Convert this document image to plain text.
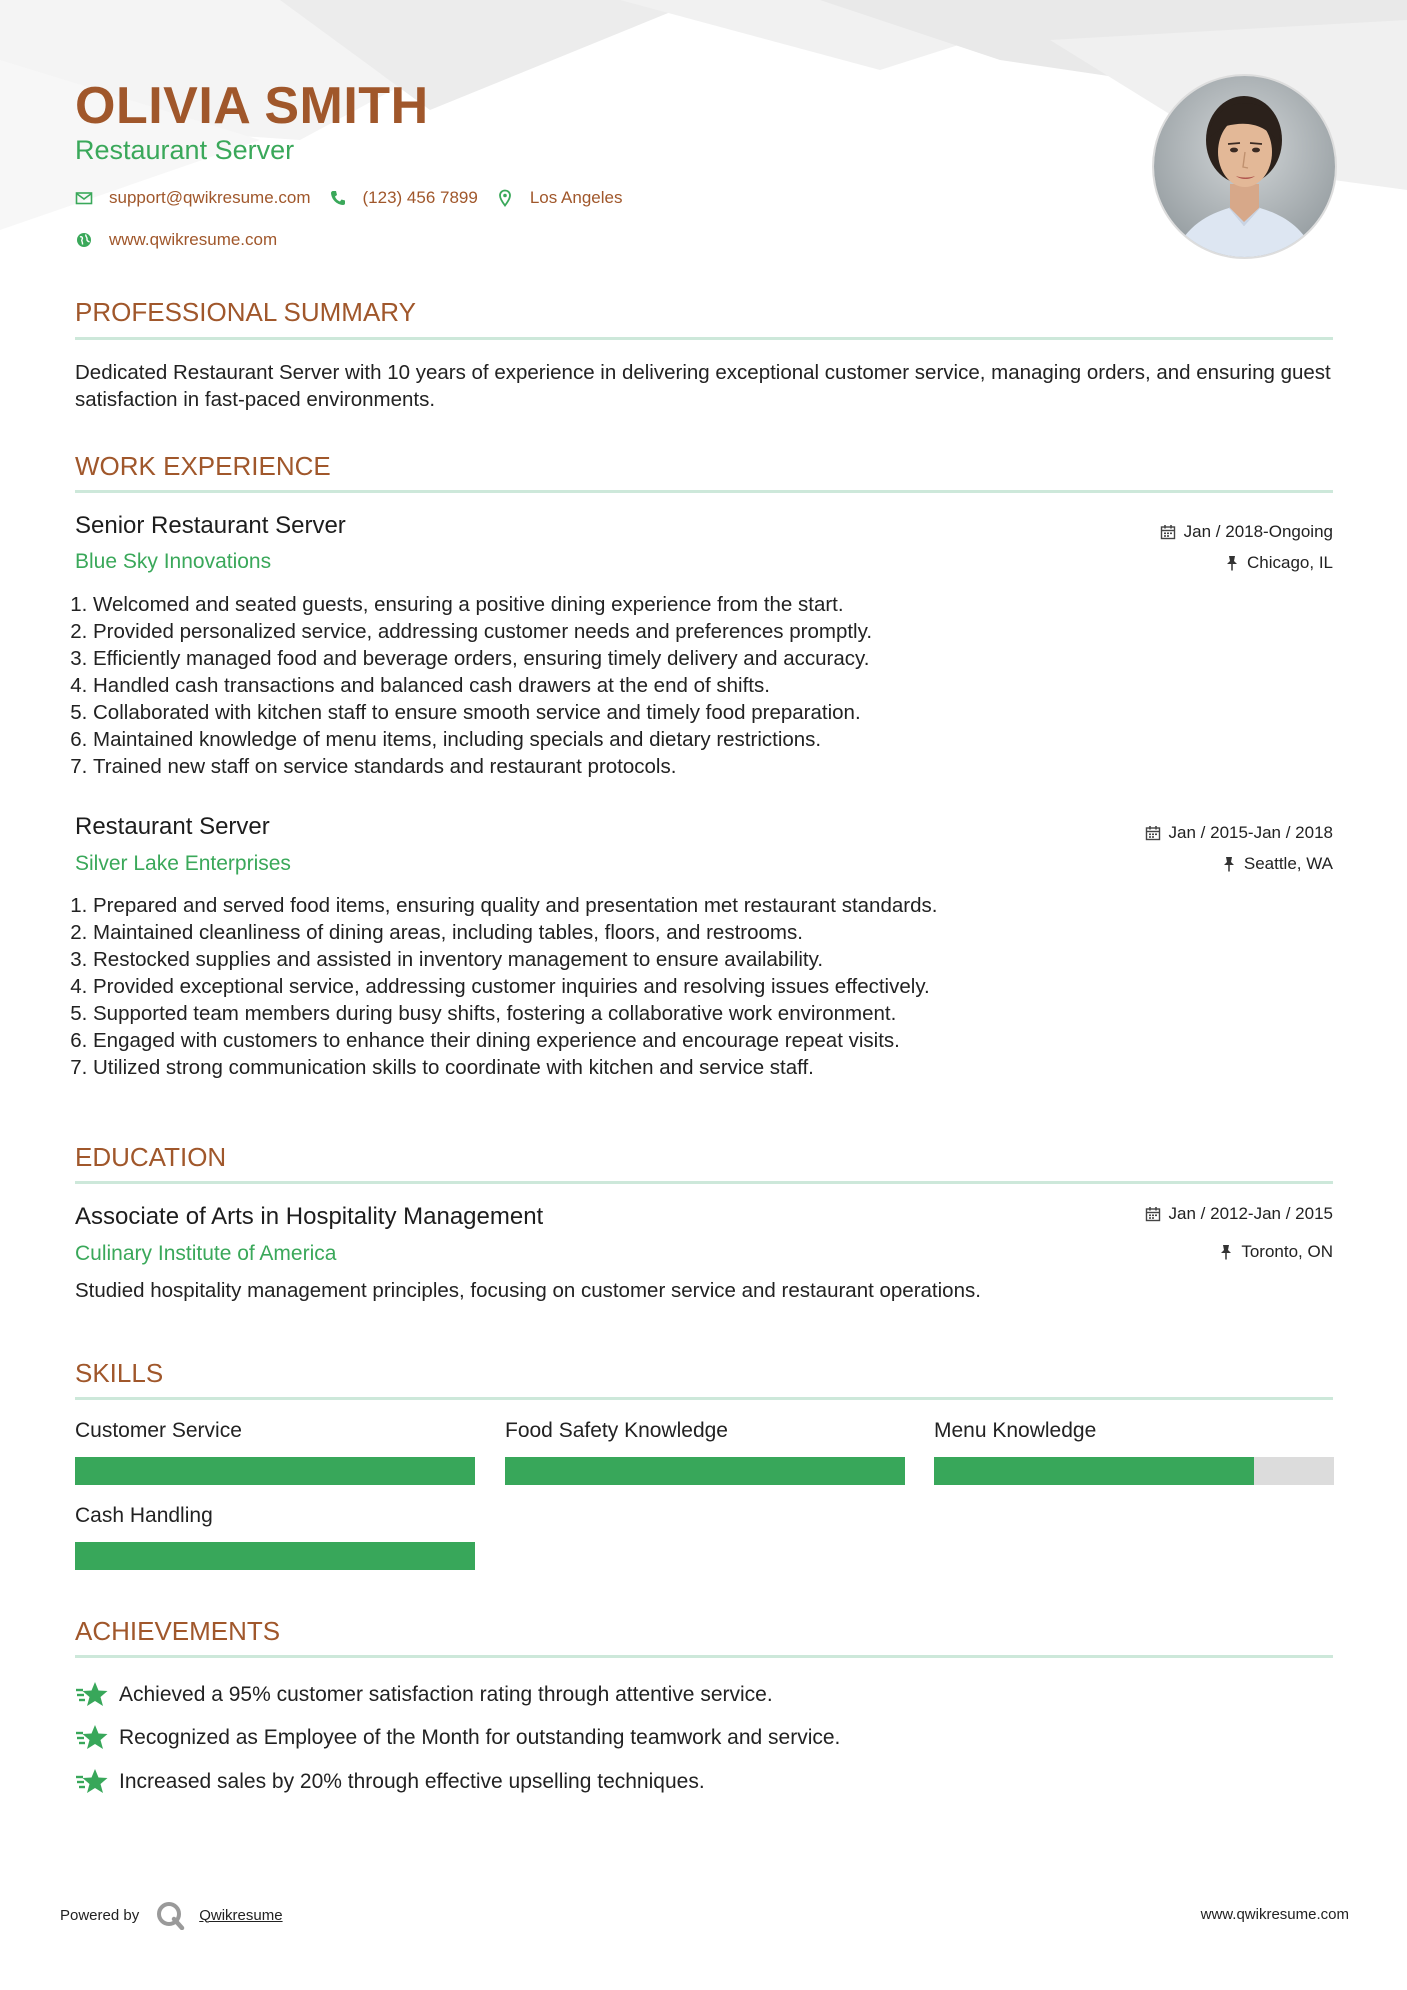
OLIVIA SMITH
Restaurant Server
support@qwikresume.com	(123) 456 7899	Los Angeles
www.qwikresume.com
PROFESSIONAL SUMMARY

Dedicated Restaurant Server with 10 years of experience in delivering exceptional customer service, managing orders, and ensuring guest satisfaction in fast-paced environments.

WORK EXPERIENCE
Senior Restaurant Server
Blue Sky Innovations
Jan / 2018-Ongoing
Chicago, IL
1. Welcomed and seated guests, ensuring a positive dining experience from the start.
2. Provided personalized service, addressing customer needs and preferences promptly.
3. Efficiently managed food and beverage orders, ensuring timely delivery and accuracy.
4. Handled cash transactions and balanced cash drawers at the end of shifts.
5. Collaborated with kitchen staff to ensure smooth service and timely food preparation.
6. Maintained knowledge of menu items, including specials and dietary restrictions.
7. Trained new staff on service standards and restaurant protocols.
Restaurant Server
Silver Lake Enterprises
Jan / 2015-Jan / 2018
Seattle, WA
1. Prepared and served food items, ensuring quality and presentation met restaurant standards.
2. Maintained cleanliness of dining areas, including tables, floors, and restrooms.
3. Restocked supplies and assisted in inventory management to ensure availability.
4. Provided exceptional service, addressing customer inquiries and resolving issues effectively.
5. Supported team members during busy shifts, fostering a collaborative work environment.
6. Engaged with customers to enhance their dining experience and encourage repeat visits.
7. Utilized strong communication skills to coordinate with kitchen and service staff.
EDUCATION
Associate of Arts in Hospitality Management
Culinary Institute of America
Jan / 2012-Jan / 2015
Toronto, ON

Studied hospitality management principles, focusing on customer service and restaurant operations.

SKILLS
Customer Service	Food Safety Knowledge	Menu Knowledge
Cash Handling
ACHIEVEMENTS
Achieved a 95% customer satisfaction rating through attentive service.
Recognized as Employee of the Month for outstanding teamwork and service.
Increased sales by 20% through effective upselling techniques.
Powered by	Qwikresume	www.qwikresume.com
